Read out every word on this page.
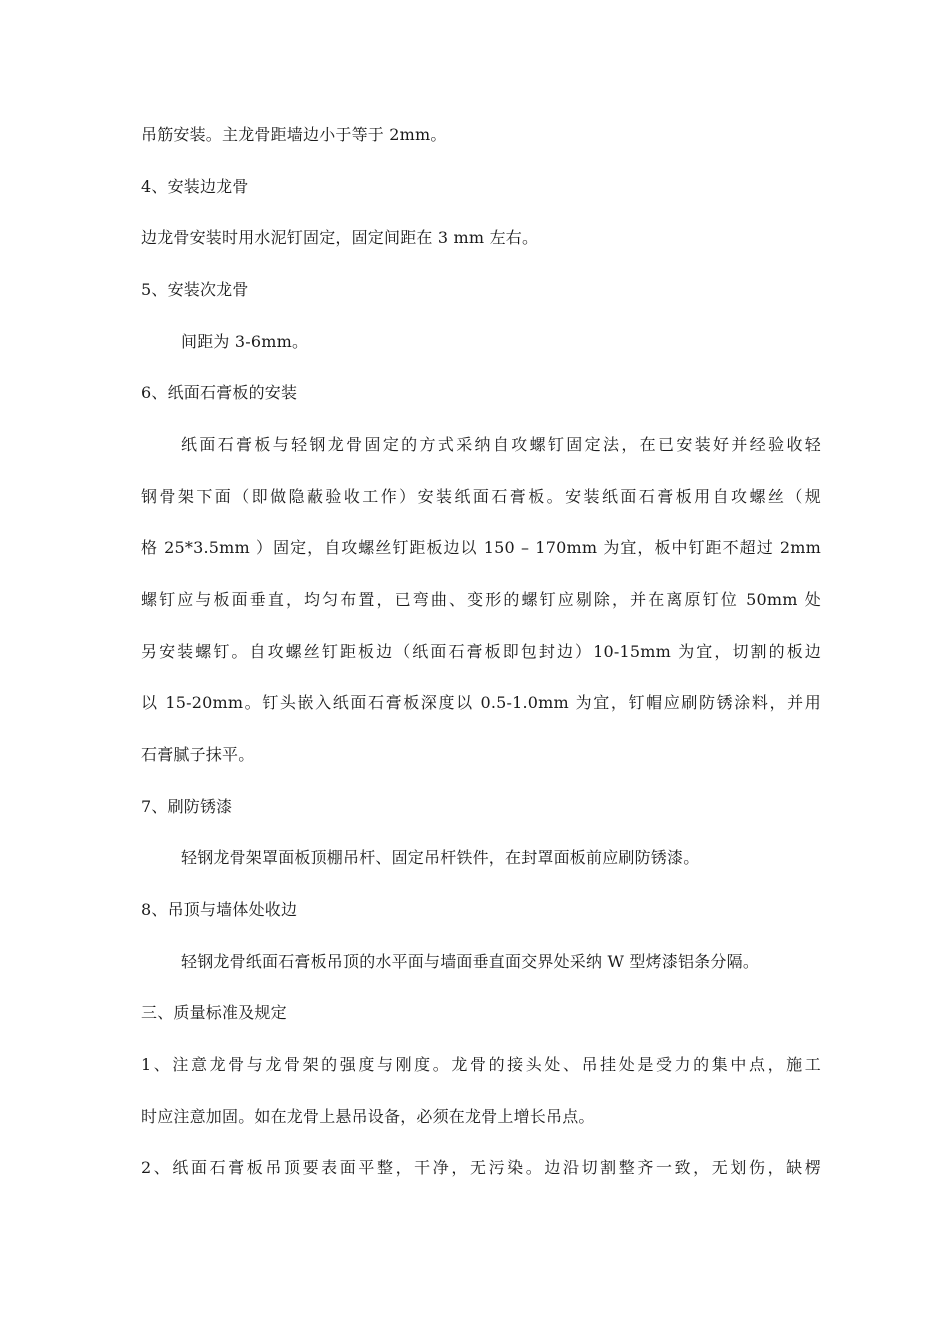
吊筋安装。主龙骨距墙边小于等于 2mm。
4、安装边龙骨
边龙骨安装时用水泥钉固定，固定间距在 3 mm 左右。
5、安装次龙骨
间距为 3-6mm。
6、纸面石膏板的安装
纸面石膏板与轻钢龙骨固定的方式采纳自攻螺钉固定法，在已安装好并经验收轻
钢骨架下面（即做隐蔽验收工作）安装纸面石膏板。安装纸面石膏板用自攻螺丝（规
格 25*3.5mm ）固定，自攻螺丝钉距板边以 150 – 170mm 为宜，板中钉距不超过 2mm
螺钉应与板面垂直，均匀布置，已弯曲、变形的螺钉应剔除，并在离原钉位 50mm 处
另安装螺钉。自攻螺丝钉距板边（纸面石膏板即包封边）10-15mm 为宜，切割的板边
以 15-20mm。钉头嵌入纸面石膏板深度以 0.5-1.0mm 为宜，钉帽应刷防锈涂料，并用
石膏腻子抹平。
7、刷防锈漆
轻钢龙骨架罩面板顶棚吊杆、固定吊杆铁件，在封罩面板前应刷防锈漆。
8、吊顶与墙体处收边
轻钢龙骨纸面石膏板吊顶的水平面与墙面垂直面交界处采纳 W 型烤漆铝条分隔。
三、质量标准及规定
1、注意龙骨与龙骨架的强度与刚度。龙骨的接头处、吊挂处是受力的集中点，施工
时应注意加固。如在龙骨上悬吊设备，必须在龙骨上增长吊点。
2、纸面石膏板吊顶要表面平整，干净，无污染。边沿切割整齐一致，无划伤，缺楞
